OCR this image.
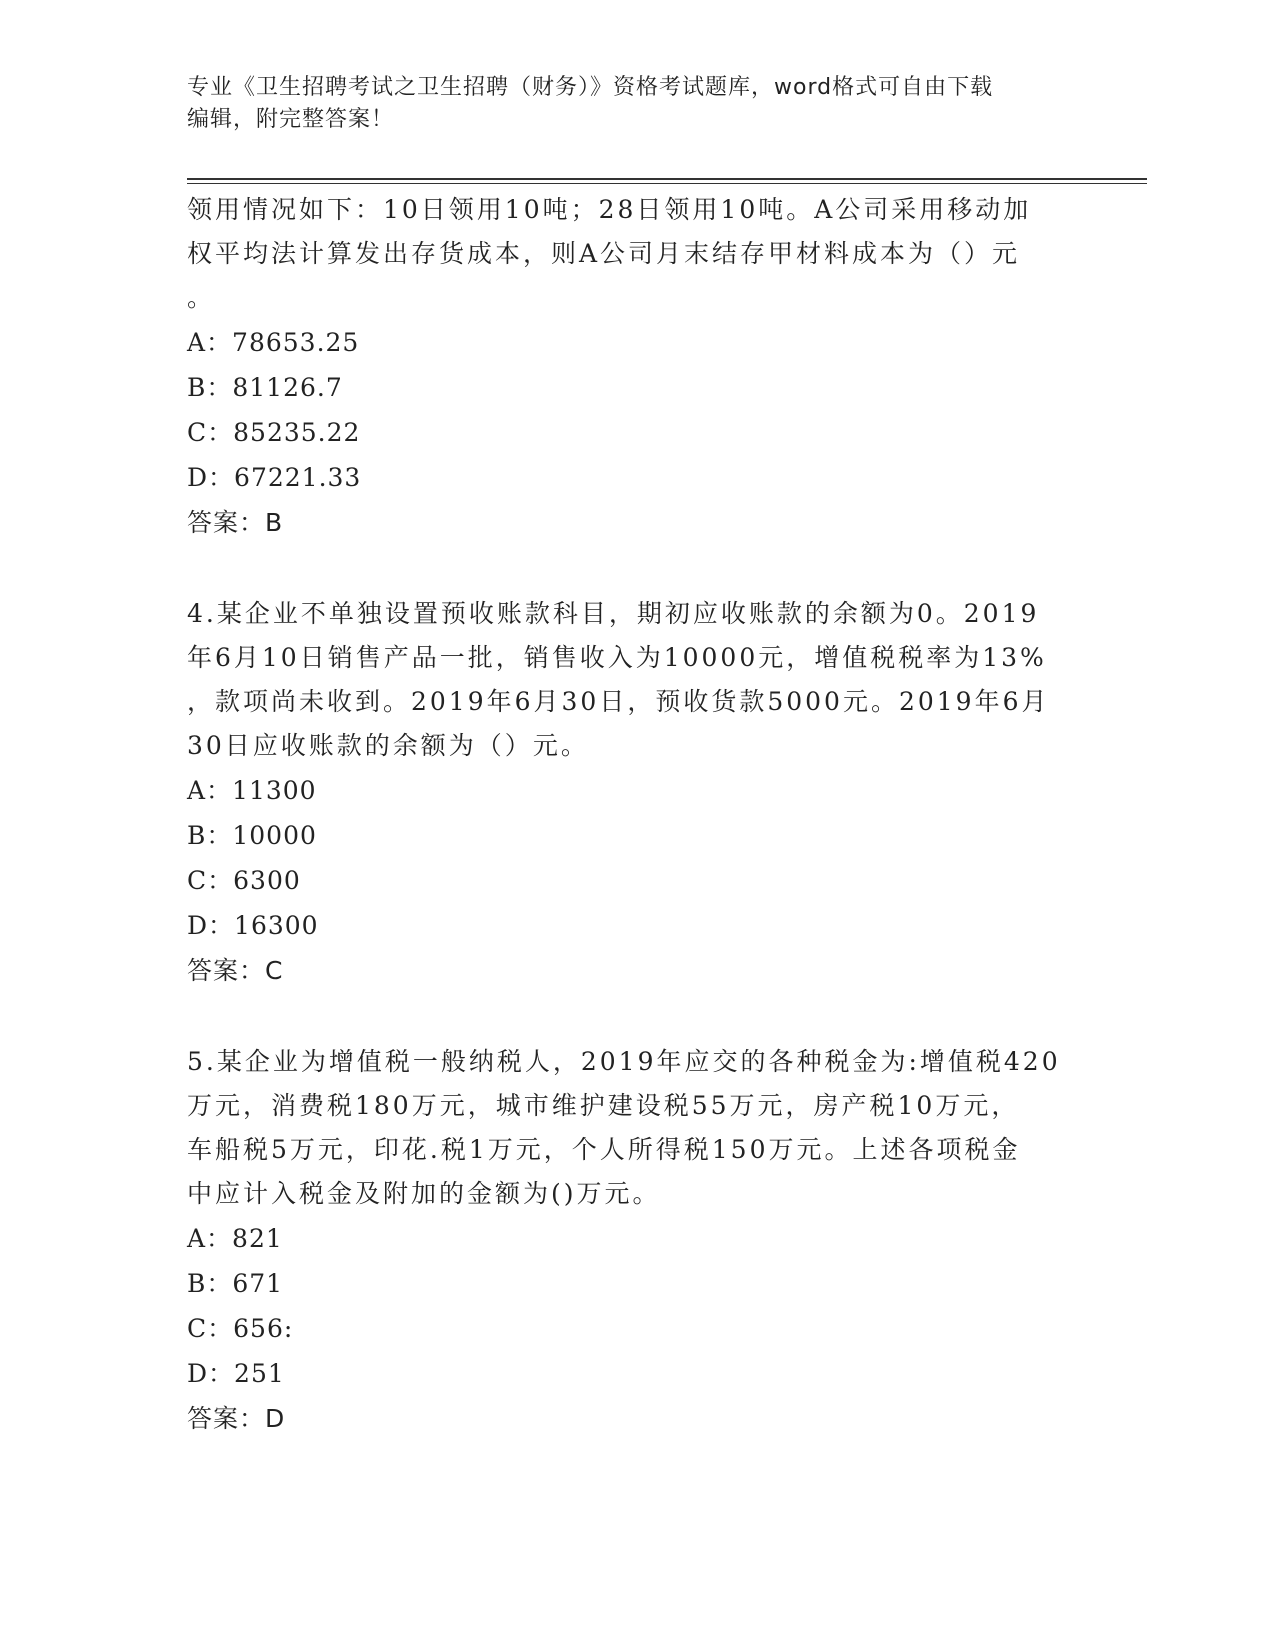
专业《卫生招聘考试之卫生招聘（财务）》资格考试题库，word格式可自由下载
编辑，附完整答案！

领用情况如下：10日领用10吨；28日领用10吨。A公司采用移动加

权平均法计算发出存货成本，则A公司月末结存甲材料成本为（）元

。

A：78653.25

B：81126.7

C：85235.22

D：67221.33

答案：B

4.某企业不单独设置预收账款科目，期初应收账款的余额为0。2019

年6月10日销售产品一批，销售收入为10000元，增值税税率为13%

，款项尚未收到。2019年6月30日，预收货款5000元。2019年6月

30日应收账款的余额为（）元。

A：11300

B：10000

C：6300

D：16300

答案：C

5.某企业为增值税一般纳税人，2019年应交的各种税金为:增值税420

万元，消费税180万元，城市维护建设税55万元，房产税10万元，

车船税5万元，印花.税1万元，个人所得税150万元。上述各项税金

中应计入税金及附加的金额为()万元。

A：821

B：671

C：656:

D：251

答案：D
